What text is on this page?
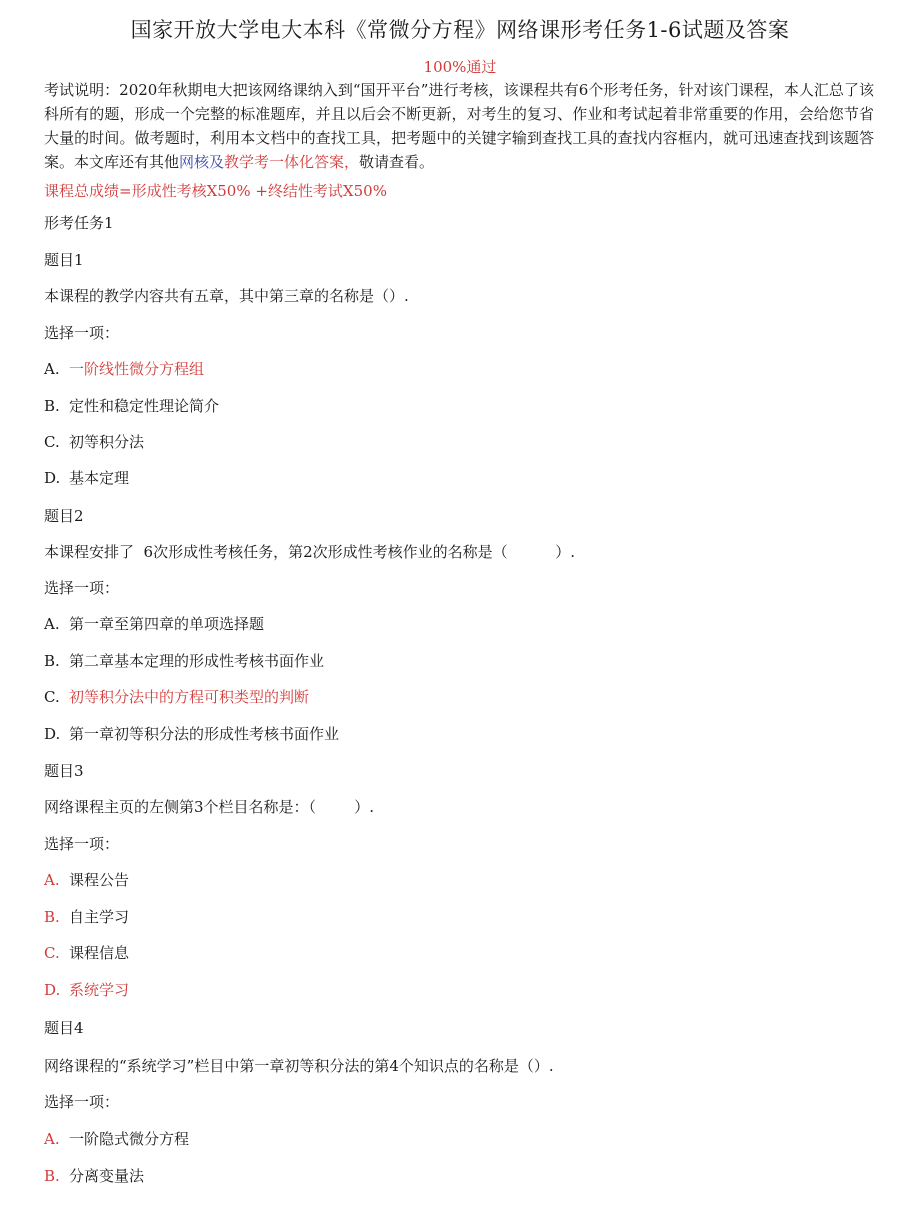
国家开放大学电大本科《常微分方程》网络课形考任务1-6试题及答案
100%通过
考试说明：2020年秋期电大把该网络课纳入到“国开平台”进行考核，该课程共有6个形考任务，针对该门课程，本人汇总了该科所有的题，形成一个完整的标准题库，并且以后会不断更新，对考生的复习、作业和考试起着非常重要的作用，会给您节省大量的时间。做考题时，利用本文档中的查找工具，把考题中的关键字输到查找工具的查找内容框内，就可迅速查找到该题答案。本文库还有其他网核及教学考一体化答案，敬请查看。
课程总成绩=形成性考核X50% +终结性考试X50%
形考任务1
题目1
本课程的教学内容共有五章，其中第三章的名称是（）.
选择一项：
A. 一阶线性微分方程组
B. 定性和稳定性理论简介
C. 初等积分法
D. 基本定理
题目2
本课程安排了  6次形成性考核任务，第2次形成性考核作业的名称是（          ）.
选择一项：
A. 第一章至第四章的单项选择题
B. 第二章基本定理的形成性考核书面作业
C. 初等积分法中的方程可积类型的判断
D. 第一章初等积分法的形成性考核书面作业
题目3
网络课程主页的左侧第3个栏目名称是：（        ）.
选择一项：
A. 课程公告
B. 自主学习
C. 课程信息
D. 系统学习
题目4
网络课程的“系统学习”栏目中第一章初等积分法的第4个知识点的名称是（）.
选择一项：
A. 一阶隐式微分方程
B. 分离变量法
